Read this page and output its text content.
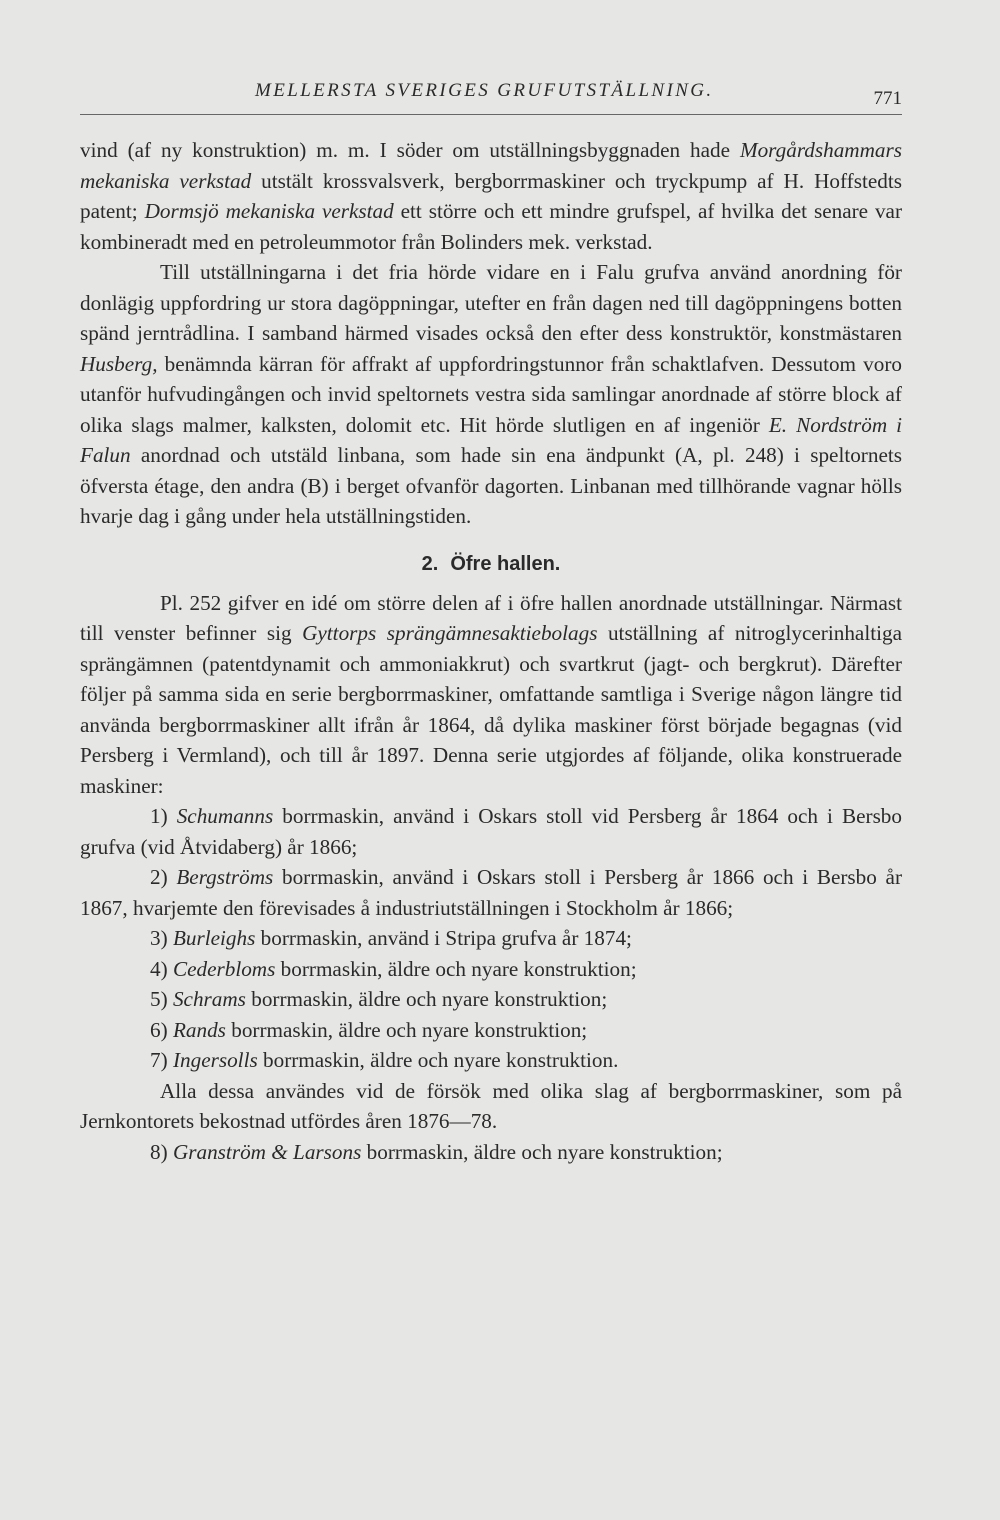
MELLERSTA SVERIGES GRUFUTSTÄLLNING.	771

vind (af ny konstruktion) m. m. I söder om utställningsbyggnaden hade Morgårdshammars mekaniska verkstad utstält krossvalsverk, bergborrmaskiner och tryckpump af H. Hoffstedts patent; Dormsjö mekaniska verkstad ett större och ett mindre grufspel, af hvilka det senare var kombineradt med en petroleummotor från Bolinders mek. verkstad.

Till utställningarna i det fria hörde vidare en i Falu grufva använd anordning för donlägig uppfordring ur stora dagöppningar, utefter en från dagen ned till dagöppningens botten spänd jerntrådlina. I samband härmed visades också den efter dess konstruktör, konstmästaren Husberg, benämnda kärran för affrakt af uppfordringstunnor från schaktlafven. Dessutom voro utanför hufvudingången och invid speltornets vestra sida samlingar anordnade af större block af olika slags malmer, kalksten, dolomit etc. Hit hörde slutligen en af ingeniör E. Nordström i Falun anordnad och utstäld linbana, som hade sin ena ändpunkt (A, pl. 248) i speltornets öfversta étage, den andra (B) i berget ofvanför dagorten. Linbanan med tillhörande vagnar hölls hvarje dag i gång under hela utställningstiden.

2. Öfre hallen.

Pl. 252 gifver en idé om större delen af i öfre hallen anordnade utställningar. Närmast till venster befinner sig Gyttorps sprängämnesaktiebolags utställning af nitroglycerinhaltiga sprängämnen (patentdynamit och ammoniakkrut) och svartkrut (jagt- och bergkrut). Därefter följer på samma sida en serie bergborrmaskiner, omfattande samtliga i Sverige någon längre tid använda bergborrmaskiner allt ifrån år 1864, då dylika maskiner först började begagnas (vid Persberg i Vermland), och till år 1897. Denna serie utgjordes af följande, olika konstruerade maskiner:

1) Schumanns borrmaskin, använd i Oskars stoll vid Persberg år 1864 och i Bersbo grufva (vid Åtvidaberg) år 1866;
2) Bergströms borrmaskin, använd i Oskars stoll i Persberg år 1866 och i Bersbo år 1867, hvarjemte den förevisades å industriutställningen i Stockholm år 1866;
3) Burleighs borrmaskin, använd i Stripa grufva år 1874;
4) Cederbloms borrmaskin, äldre och nyare konstruktion;
5) Schrams borrmaskin, äldre och nyare konstruktion;
6) Rands borrmaskin, äldre och nyare konstruktion;
7) Ingersolls borrmaskin, äldre och nyare konstruktion.

Alla dessa användes vid de försök med olika slag af bergborrmaskiner, som på Jernkontorets bekostnad utfördes åren 1876—78.

8) Granström & Larsons borrmaskin, äldre och nyare konstruktion;
